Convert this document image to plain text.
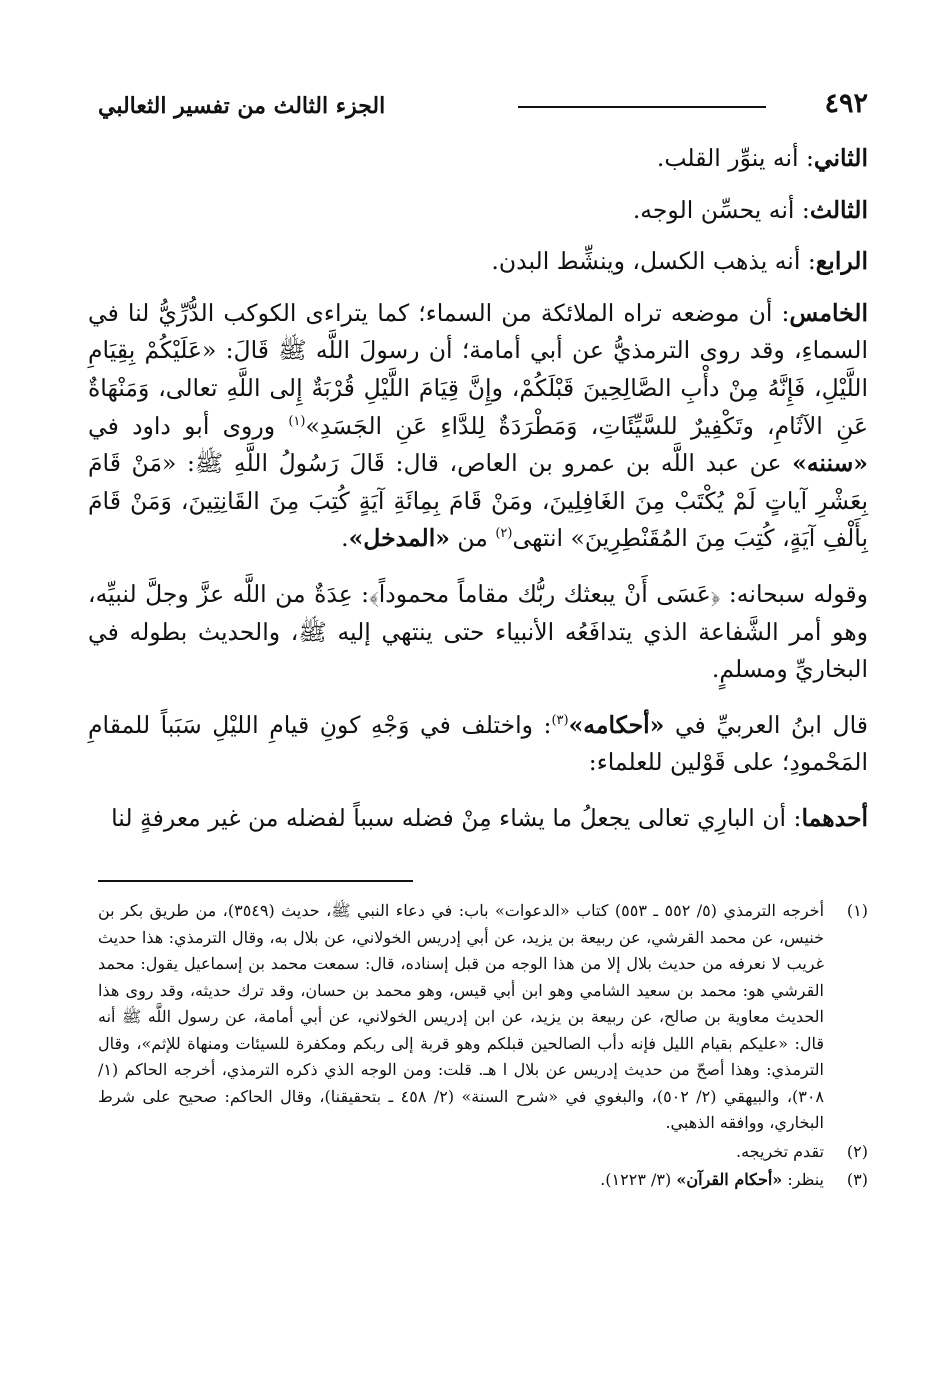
٤٩٢
الجزء الثالث من تفسير الثعالبي

الثاني: أنه ينوِّر القلب.

الثالث: أنه يحسِّن الوجه.

الرابع: أنه يذهب الكسل، وينشِّط البدن.

الخامس: أن موضعه تراه الملائكة من السماء؛ كما يتراءى الكوكب الدُّرِّيُّ لنا في السماءِ، وقد روى الترمذيُّ عن أبي أمامة؛ أن رسولَ اللَّه ﷺ قَالَ: «عَلَيْكُمْ بِقِيَامِ اللَّيْلِ، فَإِنَّهُ مِنْ دأْبِ الصَّالِحِينَ قَبْلَكُمْ، وإِنَّ قِيَامَ اللَّيْلِ قُرْبَةٌ إِلى اللَّهِ تعالى، وَمَنْهَاةٌ عَنِ الآثَامِ، وتَكْفِيرٌ للسَّيِّئَاتِ، وَمَطْرَدَةٌ لِلدَّاءِ عَنِ الجَسَدِ»$^{(١)}$ وروى أبو داود في «سننه» عن عبد اللَّه بن عمرو بن العاص، قال: قَالَ رَسُولُ اللَّهِ ﷺ: «مَنْ قَامَ بِعَشْرِ آياتٍ لَمْ يُكْتَبْ مِنَ الغَافِلِينَ، ومَنْ قَامَ بِمِائَةِ آيَةٍ كُتِبَ مِنَ القَانِتِينَ، وَمَنْ قَامَ بِأَلْفِ آيَةٍ، كُتِبَ مِنَ المُقَنْطِرِينَ» انتهى$^{(٢)}$ من «المدخل».

وقوله سبحانه: ﴿عَسَى أَنْ يبعثك ربُّك مقاماً محموداً﴾: عِدَةٌ من اللَّه عزَّ وجلَّ لنبيِّه، وهو أمر الشَّفاعة الذي يتدافَعُه الأنبياء حتى ينتهي إليه ﷺ، والحديث بطوله في البخاريِّ ومسلمٍ.

قال ابنُ العربيِّ في «أحكامه»$^{(٣)}$: واختلف في وَجْهِ كونِ قيامِ الليْلِ سَبَباً للمقامِ المَحْمودِ؛ على قَوْلين للعلماء:

أحدهما: أن البارِي تعالى يجعلُ ما يشاء مِنْ فضله سبباً لفضله من غير معرفةٍ لنا

(١)
أخرجه الترمذي (٥/ ٥٥٢ ـ ٥٥٣) كتاب «الدعوات» باب: في دعاء النبي ﷺ، حديث (٣٥٤٩)، من طريق بكر بن خنيس، عن محمد القرشي، عن ربيعة بن يزيد، عن أبي إدريس الخولاني، عن بلال به، وقال الترمذي: هذا حديث غريب لا نعرفه من حديث بلال إلا من هذا الوجه من قبل إسناده، قال: سمعت محمد بن إسماعيل يقول: محمد القرشي هو: محمد بن سعيد الشامي وهو ابن أبي قيس، وهو محمد بن حسان، وقد ترك حديثه، وقد روى هذا الحديث معاوية بن صالح، عن ربيعة بن يزيد، عن ابن إدريس الخولاني، عن أبي أمامة، عن رسول اللَّه ﷺ أنه قال: «عليكم بقيام الليل فإنه دأب الصالحين قبلكم وهو قربة إلى ربكم ومكفرة للسيئات ومنهاة للإثم»، وقال الترمذي: وهذا أصحّ من حديث إدريس عن بلال ا هـ. قلت: ومن الوجه الذي ذكره الترمذي، أخرجه الحاكم (١/ ٣٠٨)، والبيهقي (٢/ ٥٠٢)، والبغوي في «شرح السنة» (٢/ ٤٥٨ ـ بتحقيقنا)، وقال الحاكم: صحيح على شرط البخاري، ووافقه الذهبي.
(٢)
تقدم تخريجه.
(٣)
ينظر: «أحكام القرآن» (٣/ ١٢٢٣).
